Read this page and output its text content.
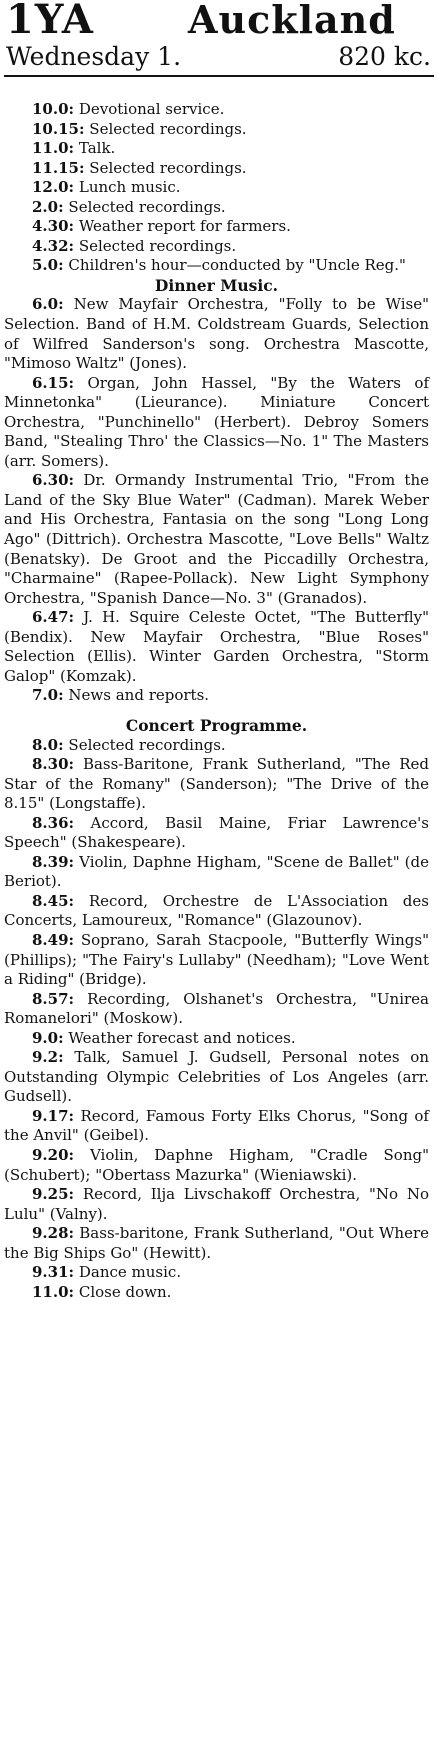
1YA Auckland
Wednesday 1.	820 kc.

10.0: Devotional service.

10.15: Selected recordings.

11.0: Talk.

11.15: Selected recordings.

12.0: Lunch music.

2.0: Selected recordings.

4.30: Weather report for farmers.

4.32: Selected recordings.

5.0: Children's hour—conducted by "Uncle Reg."

Dinner Music.

6.0: New Mayfair Orchestra, "Folly to be Wise" Selection. Band of H.M. Coldstream Guards, Selection of Wilfred Sanderson's song. Orchestra Mascotte, "Mimoso Waltz" (Jones).

6.15: Organ, John Hassel, "By the Waters of Minnetonka" (Lieurance). Miniature Concert Orchestra, "Punchinello" (Herbert). Debroy Somers Band, "Stealing Thro' the Classics—No. 1" The Masters (arr. Somers).

6.30: Dr. Ormandy Instrumental Trio, "From the Land of the Sky Blue Water" (Cadman). Marek Weber and His Orchestra, Fantasia on the song "Long Long Ago" (Dittrich). Orchestra Mascotte, "Love Bells" Waltz (Benatsky). De Groot and the Piccadilly Orchestra, "Charmaine" (Rapee-Pollack). New Light Symphony Orchestra, "Spanish Dance—No. 3" (Granados).

6.47: J. H. Squire Celeste Octet, "The Butterfly" (Bendix). New Mayfair Orchestra, "Blue Roses" Selection (Ellis). Winter Garden Orchestra, "Storm Galop" (Komzak).

7.0: News and reports.

Concert Programme.

8.0: Selected recordings.

8.30: Bass-Baritone, Frank Sutherland, "The Red Star of the Romany" (Sanderson); "The Drive of the 8.15" (Longstaffe).

8.36: Accord, Basil Maine, Friar Lawrence's Speech" (Shakespeare).

8.39: Violin, Daphne Higham, "Scene de Ballet" (de Beriot).

8.45: Record, Orchestre de L'Association des Concerts, Lamoureux, "Romance" (Glazounov).

8.49: Soprano, Sarah Stacpoole, "Butterfly Wings" (Phillips); "The Fairy's Lullaby" (Needham); "Love Went a Riding" (Bridge).

8.57: Recording, Olshanet's Orchestra, "Unirea Romanelori" (Moskow).

9.0: Weather forecast and notices.

9.2: Talk, Samuel J. Gudsell, Personal notes on Outstanding Olympic Celebrities of Los Angeles (arr. Gudsell).

9.17: Record, Famous Forty Elks Chorus, "Song of the Anvil" (Geibel).

9.20: Violin, Daphne Higham, "Cradle Song" (Schubert); "Obertass Mazurka" (Wieniawski).

9.25: Record, Ilja Livschakoff Orchestra, "No No Lulu" (Valny).

9.28: Bass-baritone, Frank Sutherland, "Out Where the Big Ships Go" (Hewitt).

9.31: Dance music.

11.0: Close down.
